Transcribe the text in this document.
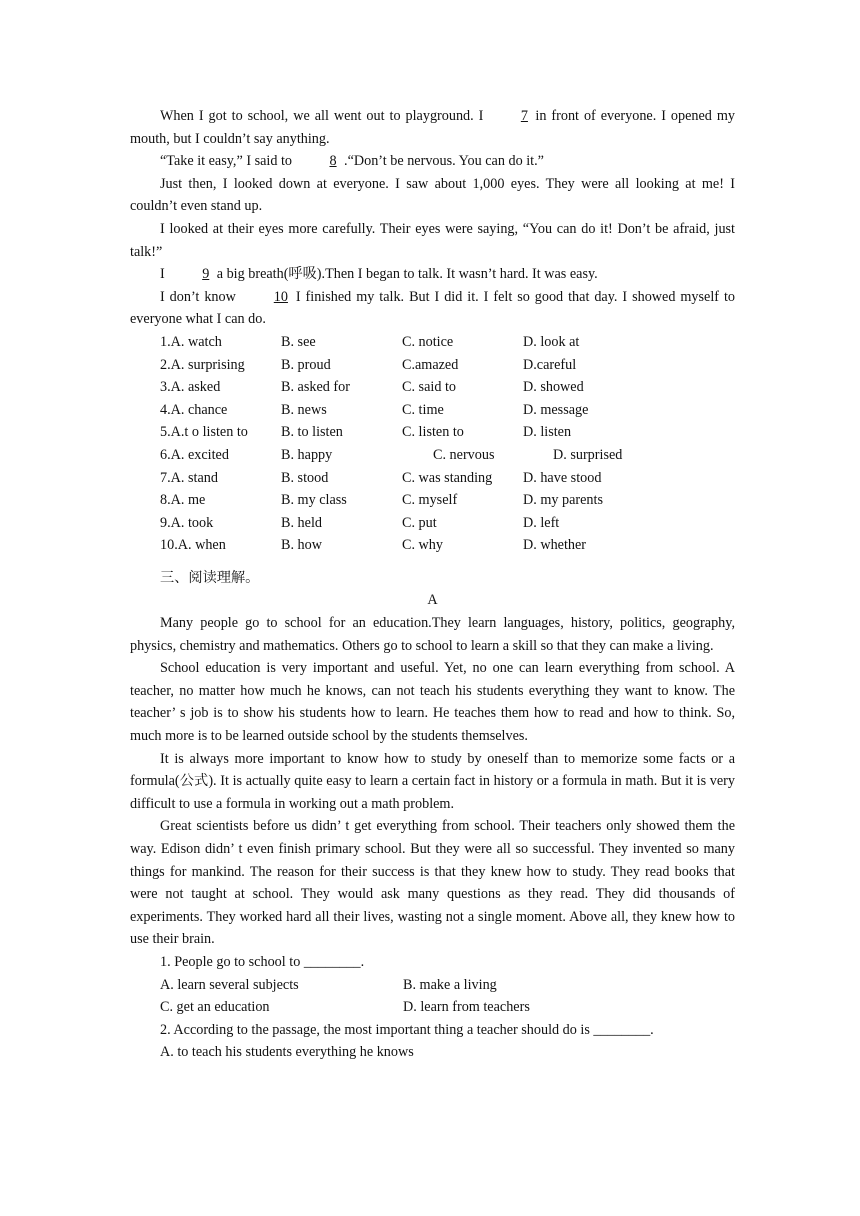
When I got to school, we all went out to playground. I	7 in front of everyone. I opened my mouth, but I couldn’t say anything.

“Take it easy,” I said to	8 .“Don’t be nervous. You can do it.”

Just then, I looked down at everyone. I saw about 1,000 eyes. They were all looking at me! I couldn’t even stand up.

I looked at their eyes more carefully. Their eyes were saying, “You can do it! Don’t be afraid, just talk!”

I	9 a big breath(呼吸).Then I began to talk. It wasn’t hard. It was easy.

I don’t know	10 I finished my talk. But I did it. I felt so good that day. I showed myself to everyone what I can do.

1.A. watch	B. see	C. notice	D. look at
2.A. surprising	B. proud	C.amazed	D.careful
3.A. asked	B. asked for	C. said to	D. showed
4.A. chance	B. news	C. time	D. message
5.A.t o listen to	B. to listen	C. listen to	D. listen
6.A. excited	B. happy	C. nervous	D. surprised
7.A. stand	B. stood	C. was standing	D. have stood
8.A. me	B. my class	C. myself	D. my parents
9.A. took	B. held	C. put	D. left
10.A. when	B. how	C. why	D. whether
三、阅读理解。
A

Many people go to school for an education.They learn languages, history, politics, geography, physics, chemistry and mathematics. Others go to school to learn a skill so that they can make a living.

School education is very important and useful. Yet, no one can learn everything from school. A teacher, no matter how much he knows, can not teach his students everything they want to know. The teacher’ s job is to show his students how to learn. He teaches them how to read and how to think. So, much more is to be learned outside school by the students themselves.

It is always more important to know how to study by oneself than to memorize some facts or a formula(公式). It is actually quite easy to learn a certain fact in history or a formula in math. But it is very difficult to use a formula in working out a math problem.

Great scientists before us didn’ t get everything from school. Their teachers only showed them the way. Edison didn’ t even finish primary school. But they were all so successful. They invented so many things for mankind. The reason for their success is that they knew how to study. They read books that were not taught at school. They would ask many questions as they read. They did thousands of experiments. They worked hard all their lives, wasting not a single moment. Above all, they knew how to use their brain.

1. People go to school to ________.

A. learn several subjects	B. make a living
C. get an education	D. learn from teachers

2. According to the passage, the most important thing a teacher should do is ________.

A. to teach his students everything he knows
